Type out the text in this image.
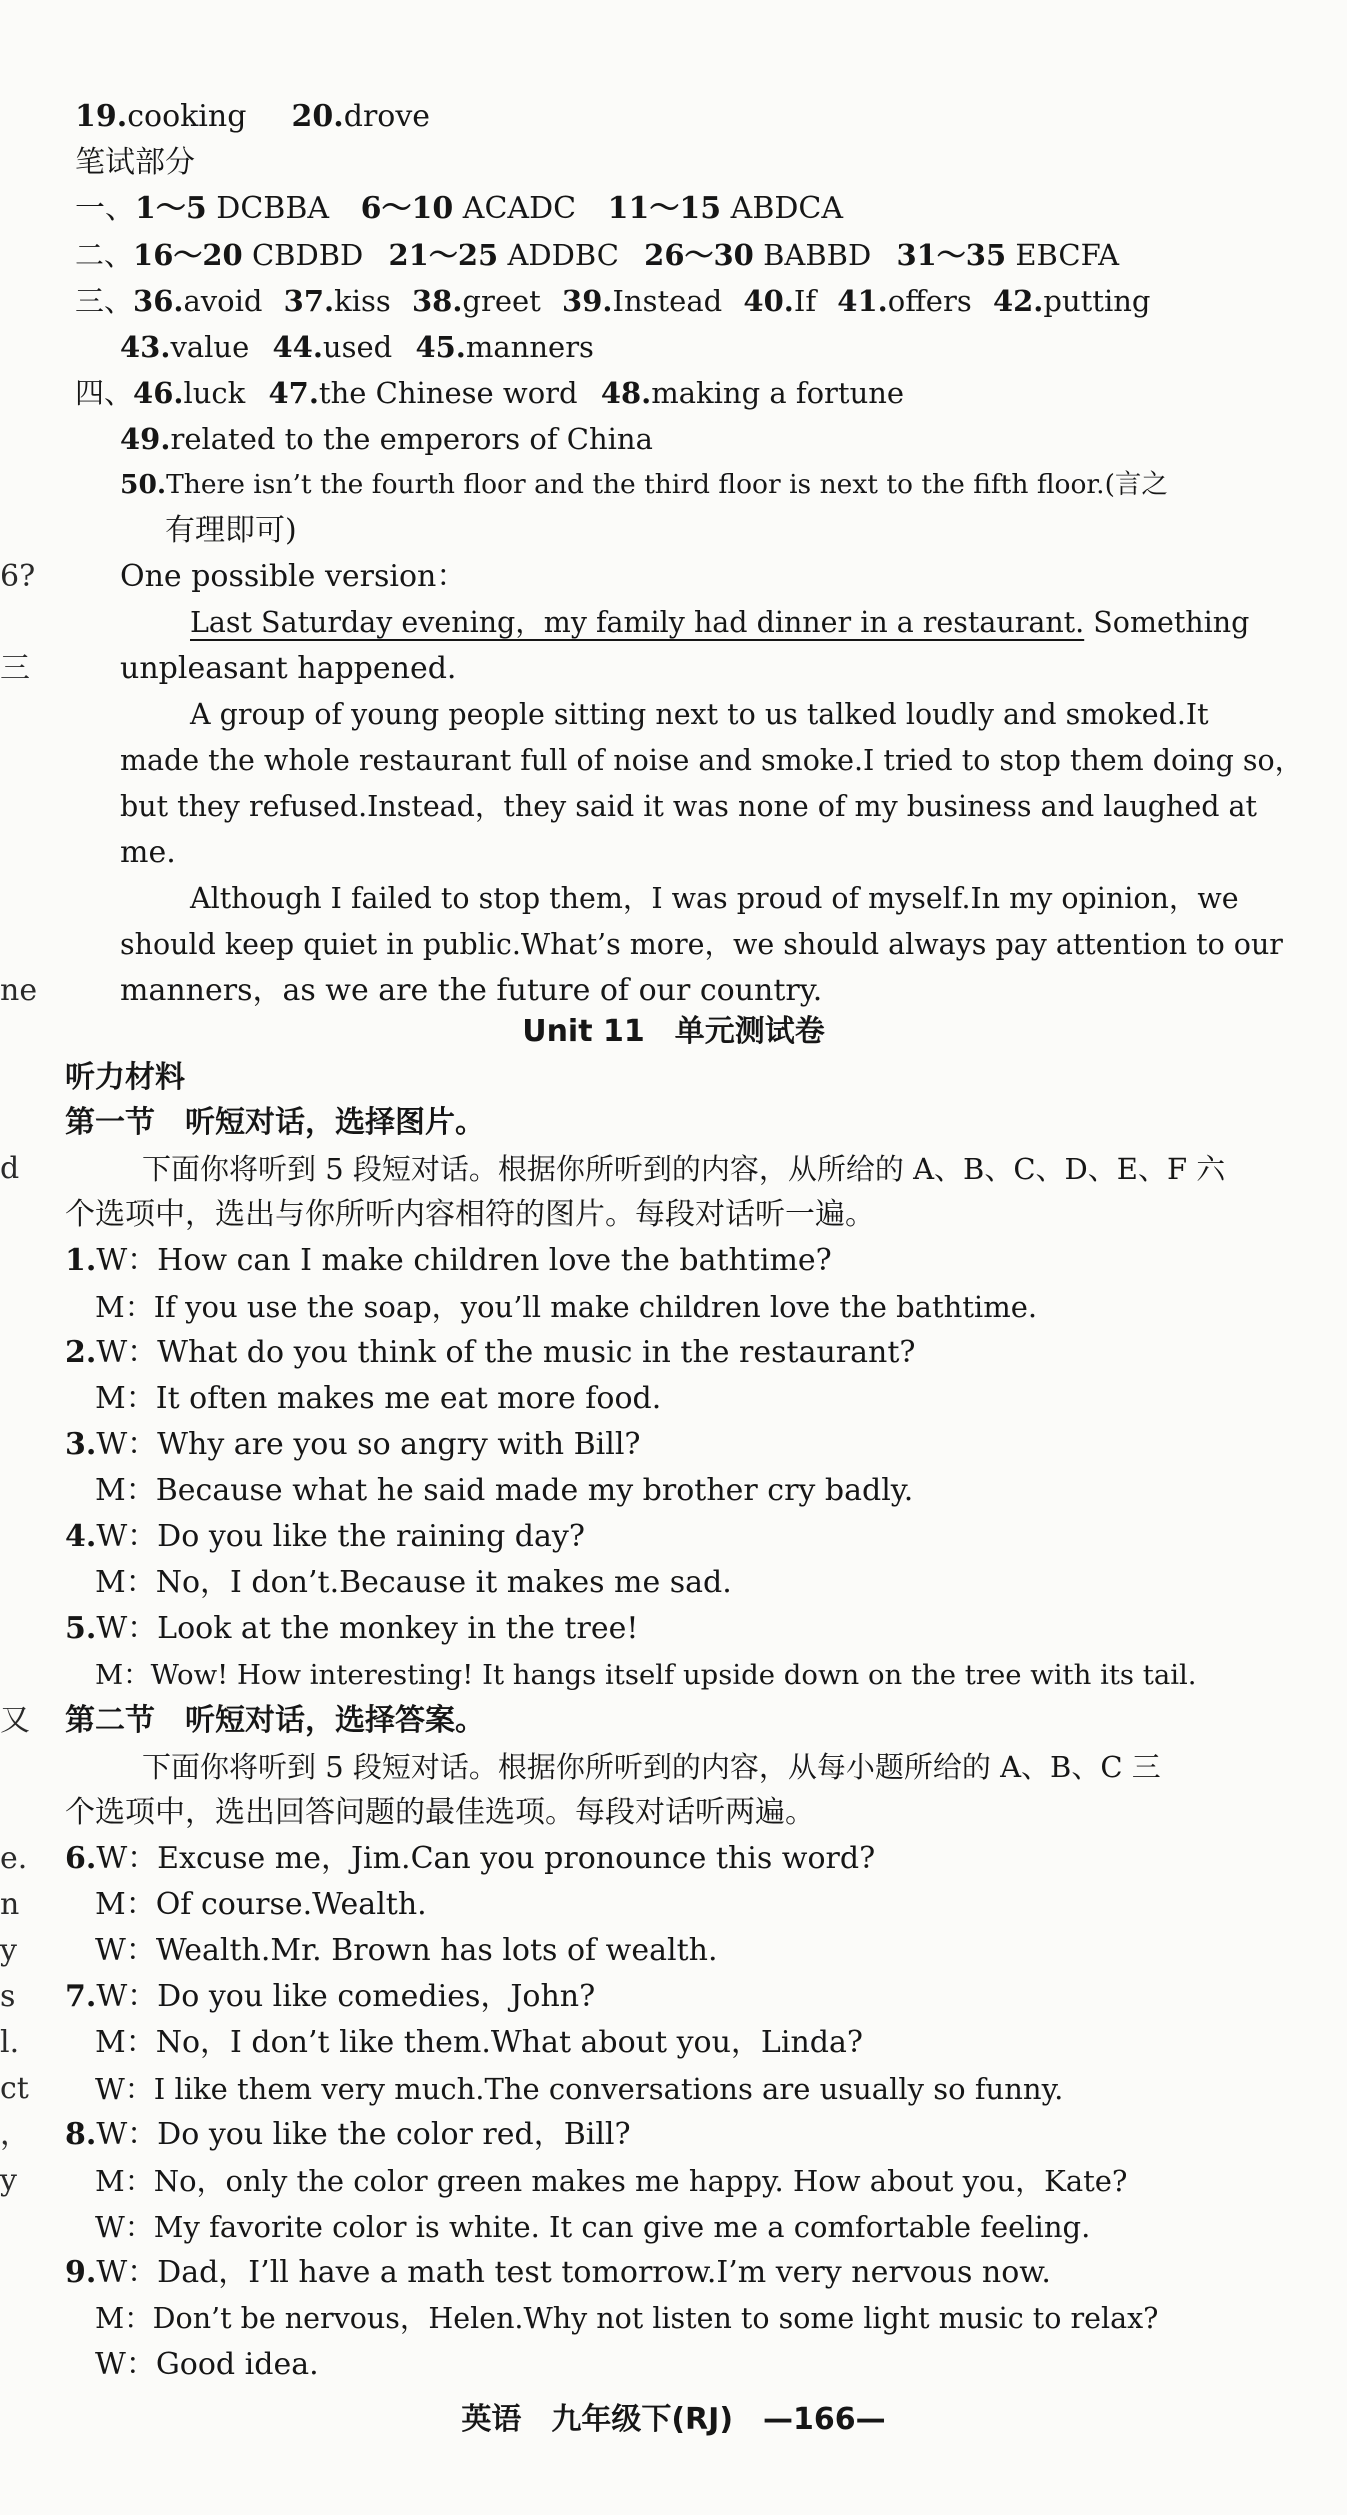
19.cooking 20.drove
笔试部分
一、1～5 DCBBA 6～10 ACADC 11～15 ABDCA
二、16～20 CBDBD 21～25 ADDBC 26～30 BABBD 31～35 EBCFA
三、36.avoid 37.kiss 38.greet 39.Instead 40.If 41.offers 42.putting
43.value 44.used 45.manners
四、46.luck 47.the Chinese word 48.making a fortune
49.related to the emperors of China
50.There isn’t the fourth floor and the third floor is next to the fifth floor.(言之
有理即可)
One possible version：
Last Saturday evening，my family had dinner in a restaurant. Something
unpleasant happened.
A group of young people sitting next to us talked loudly and smoked.It
made the whole restaurant full of noise and smoke.I tried to stop them doing so，
but they refused.Instead，they said it was none of my business and laughed at
me.
Although I failed to stop them，I was proud of myself.In my opinion，we
should keep quiet in public.What’s more，we should always pay attention to our
manners，as we are the future of our country.
Unit 11　单元测试卷
听力材料
第一节　听短对话，选择图片。
下面你将听到 5 段短对话。根据你所听到的内容，从所给的 A、B、C、D、E、F 六
个选项中，选出与你所听内容相符的图片。每段对话听一遍。
1.W：How can I make children love the bathtime?
M：If you use the soap，you’ll make children love the bathtime.
2.W：What do you think of the music in the restaurant?
M：It often makes me eat more food.
3.W：Why are you so angry with Bill?
M：Because what he said made my brother cry badly.
4.W：Do you like the raining day?
M：No，I don’t.Because it makes me sad.
5.W：Look at the monkey in the tree!
M：Wow! How interesting! It hangs itself upside down on the tree with its tail.
第二节　听短对话，选择答案。
下面你将听到 5 段短对话。根据你所听到的内容，从每小题所给的 A、B、C 三
个选项中，选出回答问题的最佳选项。每段对话听两遍。
6.W：Excuse me，Jim.Can you pronounce this word?
M：Of course.Wealth.
W：Wealth.Mr. Brown has lots of wealth.
7.W：Do you like comedies，John?
M：No，I don’t like them.What about you，Linda?
W：I like them very much.The conversations are usually so funny.
8.W：Do you like the color red，Bill?
M：No，only the color green makes me happy. How about you，Kate?
W：My favorite color is white. It can give me a comfortable feeling.
9.W：Dad，I’ll have a math test tomorrow.I’m very nervous now.
M：Don’t be nervous，Helen.Why not listen to some light music to relax?
W：Good idea.
英语　九年级下(RJ)　—166—
6?
三
ne
d
又
e.
n
y
s
l.
ct
，
y
